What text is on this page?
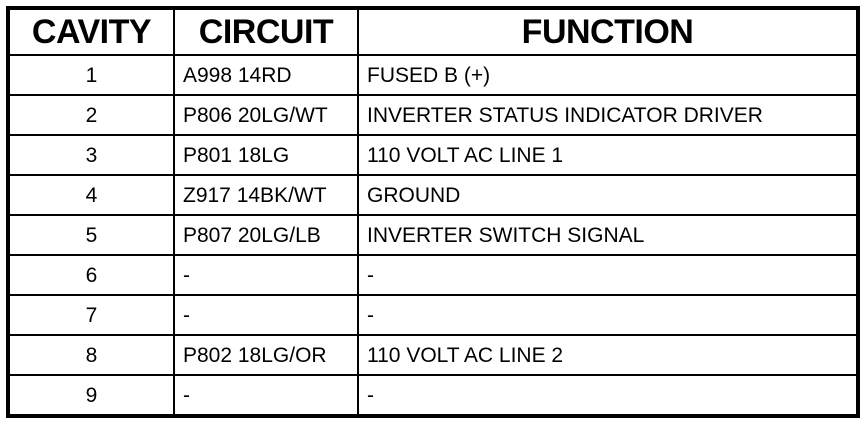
CAVITY	CIRCUIT	FUNCTION
1	A998 14RD	FUSED B (+)
2	P806 20LG/WT	INVERTER STATUS INDICATOR DRIVER
3	P801 18LG	110 VOLT AC LINE 1
4	Z917 14BK/WT	GROUND
5	P807 20LG/LB	INVERTER SWITCH SIGNAL
6	-	-
7	-	-
8	P802 18LG/OR	110 VOLT AC LINE 2
9	-	-
